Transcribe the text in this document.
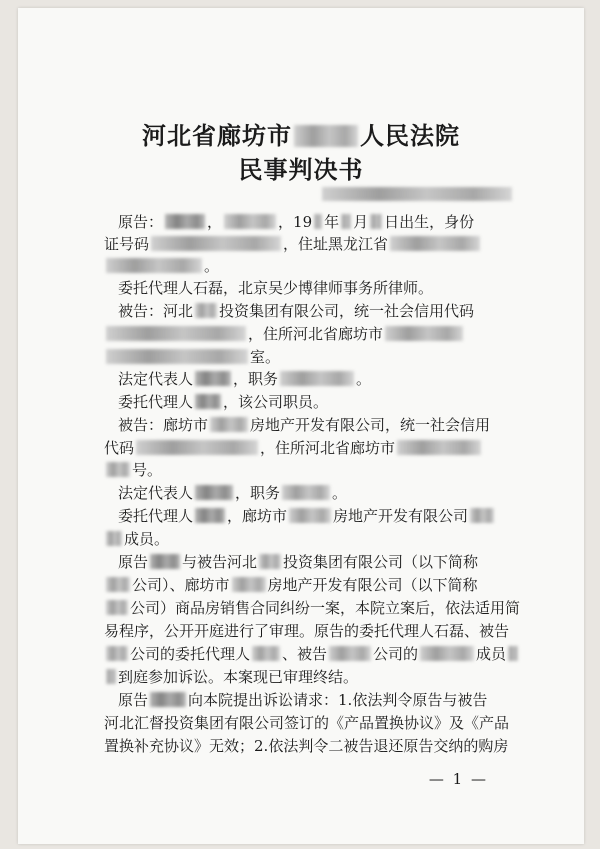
河北省廊坊市	人民法院
民事判决书
原告：	，	，19 年 月 日出生，身份
证号码	，住址黑龙江省
。
委托代理人石磊，北京吴少博律师事务所律师。
被告：河北 投资集团有限公司，统一社会信用代码
，住所河北省廊坊市
室。
法定代表人	，职务	。
委托代理人 ，该公司职员。
被告：廊坊市	房地产开发有限公司，统一社会信用
代码	，住所河北省廊坊市
号。
法定代表人	，职务	。
委托代理人 ，廊坊市	房地产开发有限公司
成员。
原告 与被告河北 投资集团有限公司（以下简称
公司）、廊坊市	房地产开发有限公司（以下简称
公司）商品房销售合同纠纷一案，本院立案后，依法适用简
易程序，公开开庭进行了审理。原告的委托代理人石磊、被告
公司的委托代理人 、被告	公司的	成员
到庭参加诉讼。本案现已审理终结。
原告	向本院提出诉讼请求：1.依法判令原告与被告
河北汇督投资集团有限公司签订的《产品置换协议》及《产品
置换补充协议》无效；2.依法判令二被告退还原告交纳的购房
— 1 —
